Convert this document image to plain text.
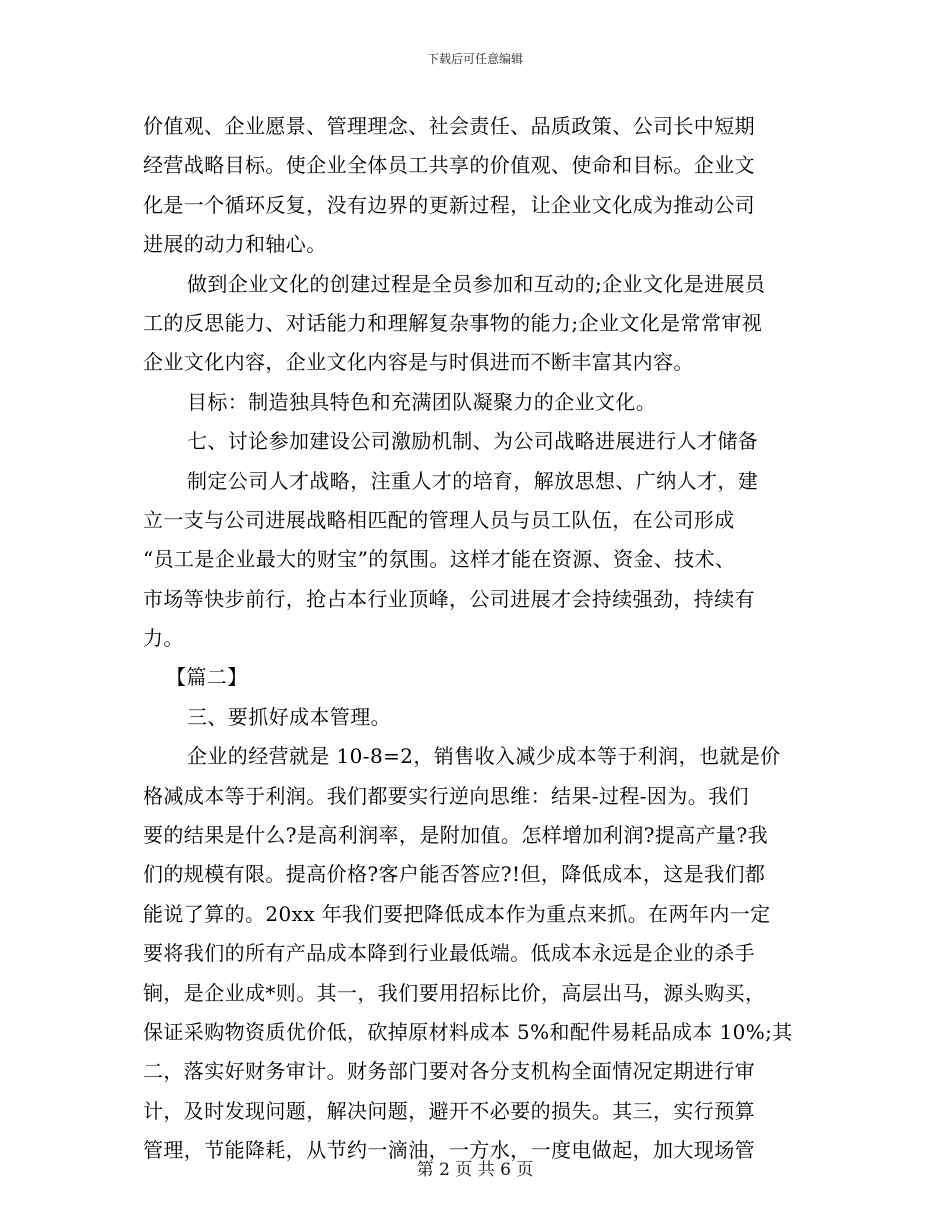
下载后可任意编辑
价值观、企业愿景、管理理念、社会责任、品质政策、公司长中短期
经营战略目标。使企业全体员工共享的价值观、使命和目标。企业文
化是一个循环反复，没有边界的更新过程，让企业文化成为推动公司
进展的动力和轴心。
做到企业文化的创建过程是全员参加和互动的;企业文化是进展员
工的反思能力、对话能力和理解复杂事物的能力;企业文化是常常审视
企业文化内容，企业文化内容是与时俱进而不断丰富其内容。
目标：制造独具特色和充满团队凝聚力的企业文化。
七、讨论参加建设公司激励机制、为公司战略进展进行人才储备
制定公司人才战略，注重人才的培育，解放思想、广纳人才，建
立一支与公司进展战略相匹配的管理人员与员工队伍，在公司形成
“员工是企业最大的财宝”的氛围。这样才能在资源、资金、技术、
市场等快步前行，抢占本行业顶峰，公司进展才会持续强劲，持续有
力。
【篇二】
三、要抓好成本管理。
企业的经营就是 10-8=2，销售收入减少成本等于利润，也就是价
格减成本等于利润。我们都要实行逆向思维：结果-过程-因为。我们
要的结果是什么?是高利润率，是附加值。怎样增加利润?提高产量?我
们的规模有限。提高价格?客户能否答应?!但，降低成本，这是我们都
能说了算的。20xx 年我们要把降低成本作为重点来抓。在两年内一定
要将我们的所有产品成本降到行业最低端。低成本永远是企业的杀手
锏，是企业成*则。其一，我们要用招标比价，高层出马，源头购买，
保证采购物资质优价低，砍掉原材料成本 5%和配件易耗品成本 10%;其
二，落实好财务审计。财务部门要对各分支机构全面情况定期进行审
计，及时发现问题，解决问题，避开不必要的损失。其三，实行预算
管理，节能降耗，从节约一滴油，一方水，一度电做起，加大现场管
第 2 页 共 6 页
